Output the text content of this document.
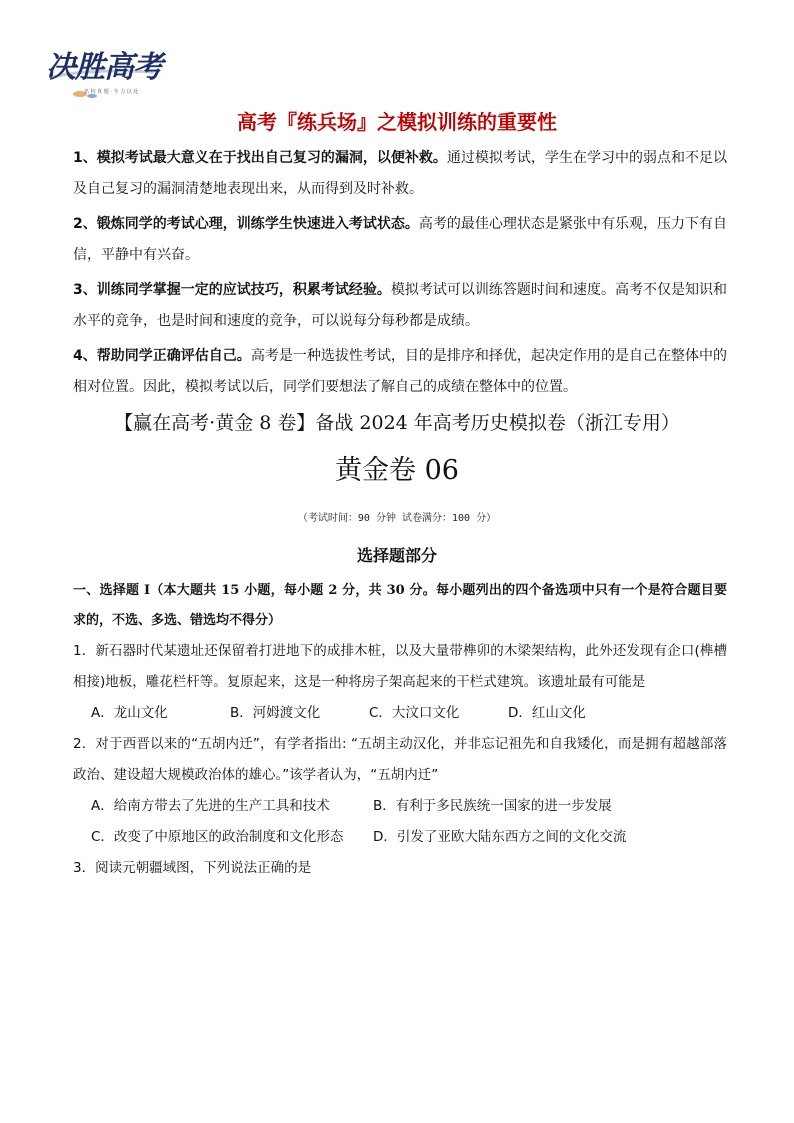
决胜高考
名 校 真 题 · 全 力 以 赴
高考『练兵场』之模拟训练的重要性

1、模拟考试最大意义在于找出自己复习的漏洞，以便补救。通过模拟考试，学生在学习中的弱点和不足以及自己复习的漏洞清楚地表现出来，从而得到及时补救。

2、锻炼同学的考试心理，训练学生快速进入考试状态。高考的最佳心理状态是紧张中有乐观，压力下有自信，平静中有兴奋。

3、训练同学掌握一定的应试技巧，积累考试经验。模拟考试可以训练答题时间和速度。高考不仅是知识和水平的竞争，也是时间和速度的竞争，可以说每分每秒都是成绩。

4、帮助同学正确评估自己。高考是一种选拔性考试，目的是排序和择优，起决定作用的是自己在整体中的相对位置。因此，模拟考试以后，同学们要想法了解自己的成绩在整体中的位置。

【赢在高考·黄金 8 卷】备战 2024 年高考历史模拟卷（浙江专用）
黄金卷 06
（考试时间：90 分钟 试卷满分：100 分）
选择题部分

一、选择题 I（本大题共 15 小题，每小题 2 分，共 30 分。每小题列出的四个备选项中只有一个是符合题目要求的，不选、多选、错选均不得分）

1．新石器时代某遗址还保留着打进地下的成排木桩，以及大量带榫卯的木梁架结构，此外还发现有企口(榫槽相接)地板，雕花栏杆等。复原起来，这是一种将房子架高起来的干栏式建筑。该遗址最有可能是

A．龙山文化	B．河姆渡文化	C．大汶口文化	D．红山文化

2．对于西晋以来的“五胡内迁”，有学者指出: “五胡主动汉化，并非忘记祖先和自我矮化，而是拥有超越部落政治、建设超大规模政治体的雄心。”该学者认为，“五胡内迁”

A．给南方带去了先进的生产工具和技术	B．有利于多民族统一国家的进一步发展
C．改变了中原地区的政治制度和文化形态	D．引发了亚欧大陆东西方之间的文化交流

3．阅读元朝疆域图，下列说法正确的是
